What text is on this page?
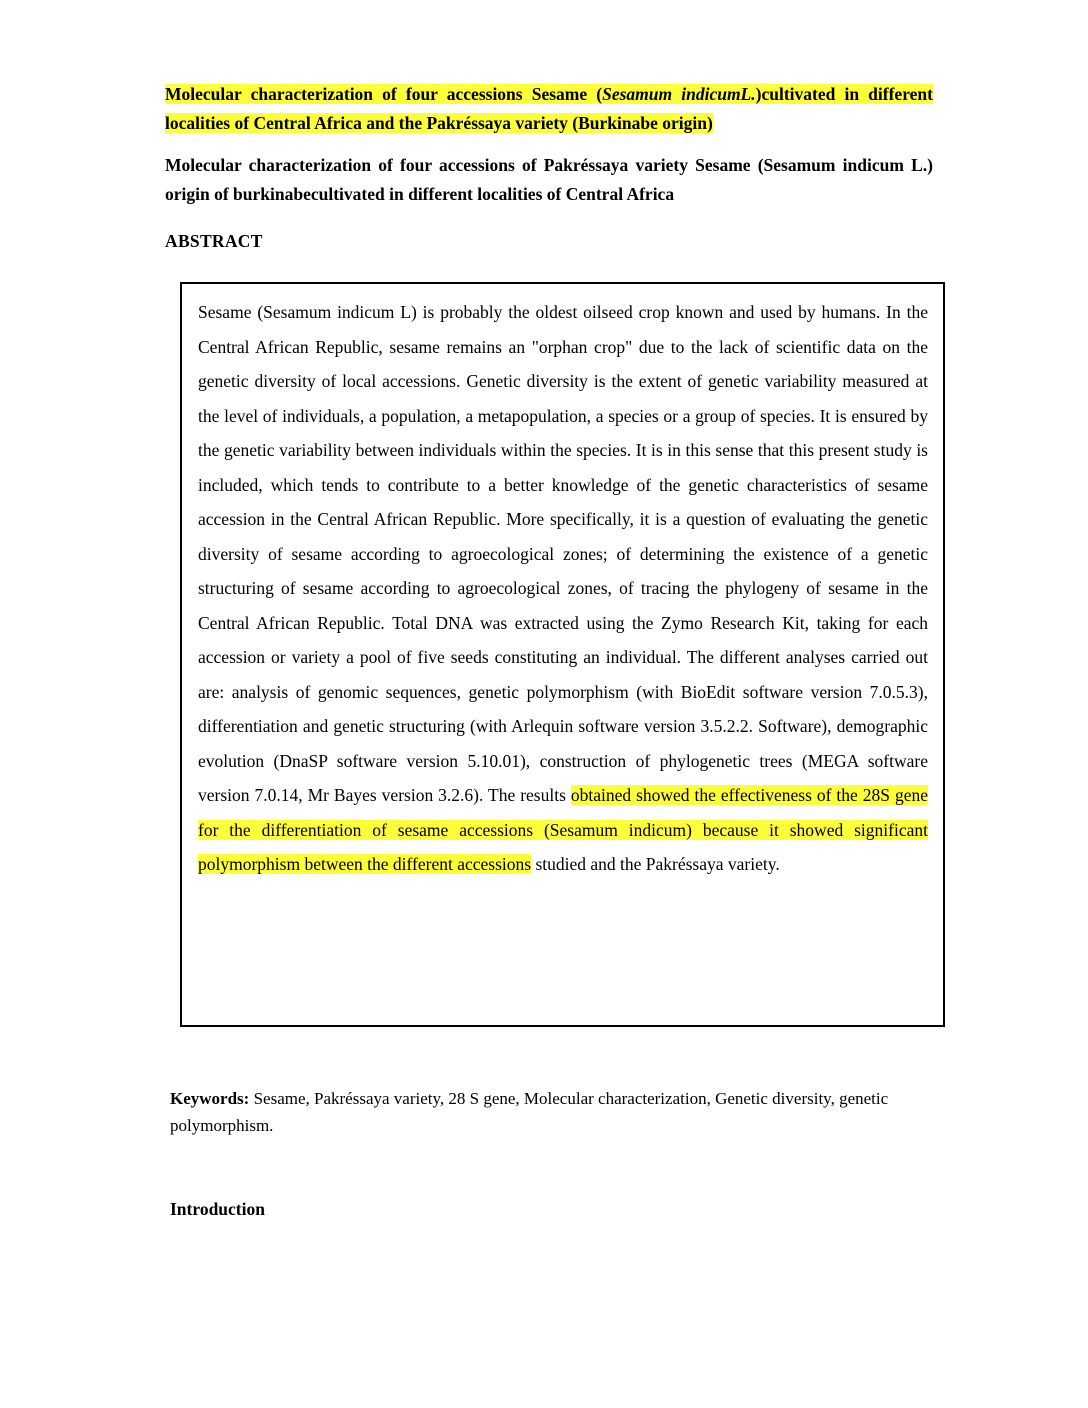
Molecular characterization of four accessions Sesame (Sesamum indicumL.)cultivated in different localities of Central Africa and the Pakréssaya variety (Burkinabe origin)
Molecular characterization of four accessions of Pakréssaya variety Sesame (Sesamum indicum L.) origin of burkinabecultivated in different localities of Central Africa
ABSTRACT

Sesame (Sesamum indicum L) is probably the oldest oilseed crop known and used by humans. In the Central African Republic, sesame remains an "orphan crop" due to the lack of scientific data on the genetic diversity of local accessions. Genetic diversity is the extent of genetic variability measured at the level of individuals, a population, a metapopulation, a species or a group of species. It is ensured by the genetic variability between individuals within the species. It is in this sense that this present study is included, which tends to contribute to a better knowledge of the genetic characteristics of sesame accession in the Central African Republic. More specifically, it is a question of evaluating the genetic diversity of sesame according to agroecological zones; of determining the existence of a genetic structuring of sesame according to agroecological zones, of tracing the phylogeny of sesame in the Central African Republic. Total DNA was extracted using the Zymo Research Kit, taking for each accession or variety a pool of five seeds constituting an individual. The different analyses carried out are: analysis of genomic sequences, genetic polymorphism (with BioEdit software version 7.0.5.3), differentiation and genetic structuring (with Arlequin software version 3.5.2.2. Software), demographic evolution (DnaSP software version 5.10.01), construction of phylogenetic trees (MEGA software version 7.0.14, Mr Bayes version 3.2.6). The results obtained showed the effectiveness of the 28S gene for the differentiation of sesame accessions (Sesamum indicum) because it showed significant polymorphism between the different accessions studied and the Pakréssaya variety.

Keywords: Sesame, Pakréssaya variety, 28 S gene, Molecular characterization, Genetic diversity, genetic polymorphism.

Introduction
